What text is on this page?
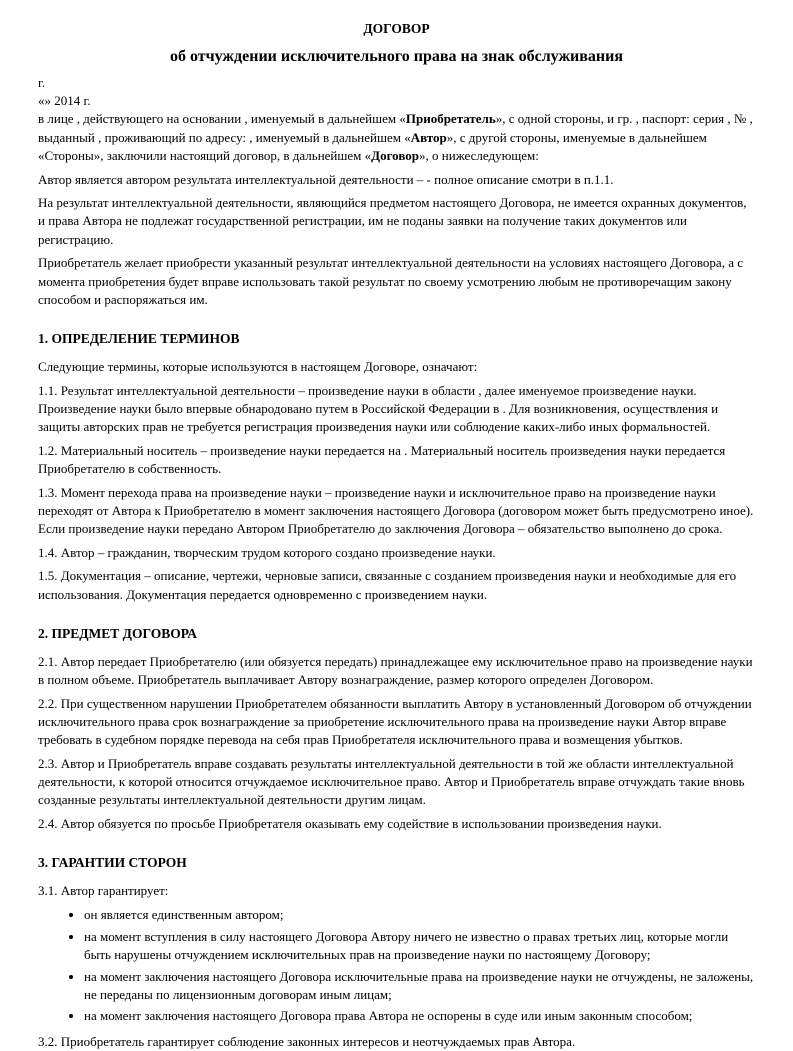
ДОГОВОР
об отчуждении исключительного права на знак обслуживания
г.
«» 2014 г.

в лице , действующего на основании , именуемый в дальнейшем «Приобретатель», с одной стороны, и гр. , паспорт: серия , № , выданный , проживающий по адресу: , именуемый в дальнейшем «Автор», с другой стороны, именуемые в дальнейшем «Стороны», заключили настоящий договор, в дальнейшем «Договор», о нижеследующем:

Автор является автором результата интеллектуальной деятельности – - полное описание смотри в п.1.1.

На результат интеллектуальной деятельности, являющийся предметом настоящего Договора, не имеется охранных документов, и права Автора не подлежат государственной регистрации, им не поданы заявки на получение таких документов или регистрацию.

Приобретатель желает приобрести указанный результат интеллектуальной деятельности на условиях настоящего Договора, а с момента приобретения будет вправе использовать такой результат по своему усмотрению любым не противоречащим закону способом и распоряжаться им.

1. ОПРЕДЕЛЕНИЕ ТЕРМИНОВ

Следующие термины, которые используются в настоящем Договоре, означают:

1.1. Результат интеллектуальной деятельности – произведение науки в области , далее именуемое произведение науки. Произведение науки было впервые обнародовано путем в Российской Федерации в . Для возникновения, осуществления и защиты авторских прав не требуется регистрация произведения науки или соблюдение каких-либо иных формальностей.

1.2. Материальный носитель – произведение науки передается на . Материальный носитель произведения науки передается Приобретателю в собственность.

1.3. Момент перехода права на произведение науки – произведение науки и исключительное право на произведение науки переходят от Автора к Приобретателю в момент заключения настоящего Договора (договором может быть предусмотрено иное). Если произведение науки передано Автором Приобретателю до заключения Договора – обязательство выполнено до срока.

1.4. Автор – гражданин, творческим трудом которого создано произведение науки.

1.5. Документация – описание, чертежи, черновые записи, связанные с созданием произведения науки и необходимые для его использования. Документация передается одновременно с произведением науки.

2. ПРЕДМЕТ ДОГОВОРА

2.1. Автор передает Приобретателю (или обязуется передать) принадлежащее ему исключительное право на произведение науки в полном объеме. Приобретатель выплачивает Автору вознаграждение, размер которого определен Договором.

2.2. При существенном нарушении Приобретателем обязанности выплатить Автору в установленный Договором об отчуждении исключительного права срок вознаграждение за приобретение исключительного права на произведение науки Автор вправе требовать в судебном порядке перевода на себя прав Приобретателя исключительного права и возмещения убытков.

2.3. Автор и Приобретатель вправе создавать результаты интеллектуальной деятельности в той же области интеллектуальной деятельности, к которой относится отчуждаемое исключительное право. Автор и Приобретатель вправе отчуждать такие вновь созданные результаты интеллектуальной деятельности другим лицам.

2.4. Автор обязуется по просьбе Приобретателя оказывать ему содействие в использовании произведения науки.

3. ГАРАНТИИ СТОРОН

3.1. Автор гарантирует:

• он является единственным автором;
• на момент вступления в силу настоящего Договора Автору ничего не известно о правах третьих лиц, которые могли быть нарушены отчуждением исключительных прав на произведение науки по настоящему Договору;
• на момент заключения настоящего Договора исключительные права на произведение науки не отчуждены, не заложены, не переданы по лицензионным договорам иным лицам;
• на момент заключения настоящего Договора права Автора не оспорены в суде или иным законным способом;

3.2. Приобретатель гарантирует соблюдение законных интересов и неотчуждаемых прав Автора.
